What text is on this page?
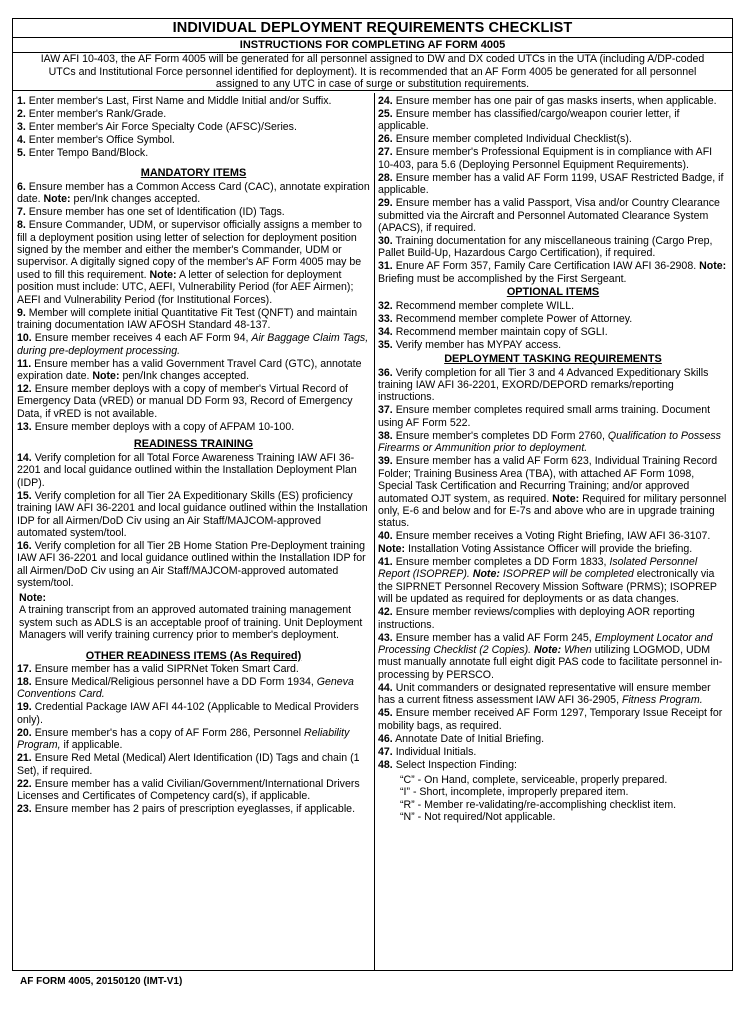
INDIVIDUAL DEPLOYMENT REQUIREMENTS CHECKLIST
INSTRUCTIONS FOR COMPLETING AF FORM 4005
IAW AFI 10-403, the AF Form 4005 will be generated for all personnel assigned to DW and DX coded UTCs in the UTA (including A/DP-coded UTCs and Institutional Force personnel identified for deployment). It is recommended that an AF Form 4005 be generated for all personnel assigned to any UTC in case of surge or substitution requirements.
1. Enter member's Last, First Name and Middle Initial and/or Suffix.
2. Enter member's Rank/Grade.
3. Enter member's Air Force Specialty Code (AFSC)/Series.
4. Enter member's Office Symbol.
5. Enter Tempo Band/Block.
MANDATORY ITEMS
6. Ensure member has a Common Access Card (CAC), annotate expiration date. Note: pen/Ink changes accepted.
7. Ensure member has one set of Identification (ID) Tags.
8. Ensure Commander, UDM, or supervisor officially assigns a member to fill a deployment position using letter of selection for deployment position signed by the member and either the member's Commander, UDM or supervisor. A digitally signed copy of the member's AF Form 4005 may be used to fill this requirement. Note: A letter of selection for deployment position must include: UTC, AEFI, Vulnerability Period (for AEF Airmen); AEFI and Vulnerability Period (for Institutional Forces).
9. Member will complete initial Quantitative Fit Test (QNFT) and maintain training documentation IAW AFOSH Standard 48-137.
10. Ensure member receives 4 each AF Form 94, Air Baggage Claim Tags, during pre-deployment processing.
11. Ensure member has a valid Government Travel Card (GTC), annotate expiration date. Note: pen/Ink changes accepted.
12. Ensure member deploys with a copy of member's Virtual Record of Emergency Data (vRED) or manual DD Form 93, Record of Emergency Data, if vRED is not available.
13. Ensure member deploys with a copy of AFPAM 10-100.
READINESS TRAINING
14. Verify completion for all Total Force Awareness Training IAW AFI 36-2201 and local guidance outlined within the Installation Deployment Plan (IDP).
15. Verify completion for all Tier 2A Expeditionary Skills (ES) proficiency training IAW AFI 36-2201 and local guidance outlined within the Installation IDP for all Airmen/DoD Civ using an Air Staff/MAJCOM-approved automated system/tool.
16. Verify completion for all Tier 2B Home Station Pre-Deployment training IAW AFI 36-2201 and local guidance outlined within the Installation IDP for all Airmen/DoD Civ using an Air Staff/MAJCOM-approved automated system/tool.
Note:
A training transcript from an approved automated training management system such as ADLS is an acceptable proof of training. Unit Deployment Managers will verify training currency prior to member's deployment.
OTHER READINESS ITEMS (As Required)
17. Ensure member has a valid SIPRNet Token Smart Card.
18. Ensure Medical/Religious personnel have a DD Form 1934, Geneva Conventions Card.
19. Credential Package IAW AFI 44-102 (Applicable to Medical Providers only).
20. Ensure member's has a copy of AF Form 286, Personnel Reliability Program, if applicable.
21. Ensure Red Metal (Medical) Alert Identification (ID) Tags and chain (1 Set), if required.
22. Ensure member has a valid Civilian/Government/International Drivers Licenses and Certificates of Competency card(s), if applicable.
23. Ensure member has 2 pairs of prescription eyeglasses, if applicable.
24. Ensure member has one pair of gas masks inserts, when applicable.
25. Ensure member has classified/cargo/weapon courier letter, if applicable.
26. Ensure member completed Individual Checklist(s).
27. Ensure member's Professional Equipment is in compliance with AFI 10-403, para 5.6 (Deploying Personnel Equipment Requirements).
28. Ensure member has a valid AF Form 1199, USAF Restricted Badge, if applicable.
29. Ensure member has a valid Passport, Visa and/or Country Clearance submitted via the Aircraft and Personnel Automated Clearance System (APACS), if required.
30. Training documentation for any miscellaneous training (Cargo Prep, Pallet Build-Up, Hazardous Cargo Certification), if required.
31. Enure AF Form 357, Family Care Certification IAW AFI 36-2908. Note: Briefing must be accomplished by the First Sergeant.
OPTIONAL ITEMS
32. Recommend member complete WILL.
33. Recommend member complete Power of Attorney.
34. Recommend member maintain copy of SGLI.
35. Verify member has MYPAY access.
DEPLOYMENT TASKING REQUIREMENTS
36. Verify completion for all Tier 3 and 4 Advanced Expeditionary Skills training IAW AFI 36-2201, EXORD/DEPORD remarks/reporting instructions.
37. Ensure member completes required small arms training. Document using AF Form 522.
38. Ensure member's completes DD Form 2760, Qualification to Possess Firearms or Ammunition prior to deployment.
39. Ensure member has a valid AF Form 623, Individual Training Record Folder; Training Business Area (TBA), with attached AF Form 1098, Special Task Certification and Recurring Training; and/or approved automated OJT system, as required. Note: Required for military personnel only, E-6 and below and for E-7s and above who are in upgrade training status.
40. Ensure member receives a Voting Right Briefing, IAW AFI 36-3107. Note: Installation Voting Assistance Officer will provide the briefing.
41. Ensure member completes a DD Form 1833, Isolated Personnel Report (ISOPREP). Note: ISOPREP will be completed electronically via the SIPRNET Personnel Recovery Mission Software (PRMS); ISOPREP will be updated as required for deployments or as data changes.
42. Ensure member reviews/complies with deploying AOR reporting instructions.
43. Ensure member has a valid AF Form 245, Employment Locator and Processing Checklist (2 Copies). Note: When utilizing LOGMOD, UDM must manually annotate full eight digit PAS code to facilitate personnel in-processing by PERSCO.
44. Unit commanders or designated representative will ensure member has a current fitness assessment IAW AFI 36-2905, Fitness Program.
45. Ensure member received AF Form 1297, Temporary Issue Receipt for mobility bags, as required.
46. Annotate Date of Initial Briefing.
47. Individual Initials.
48. Select Inspection Finding:
“C” - On Hand, complete, serviceable, properly prepared.
“I” - Short, incomplete, improperly prepared item.
“R” - Member re-validating/re-accomplishing checklist item.
“N” - Not required/Not applicable.
AF FORM 4005, 20150120 (IMT-V1)
